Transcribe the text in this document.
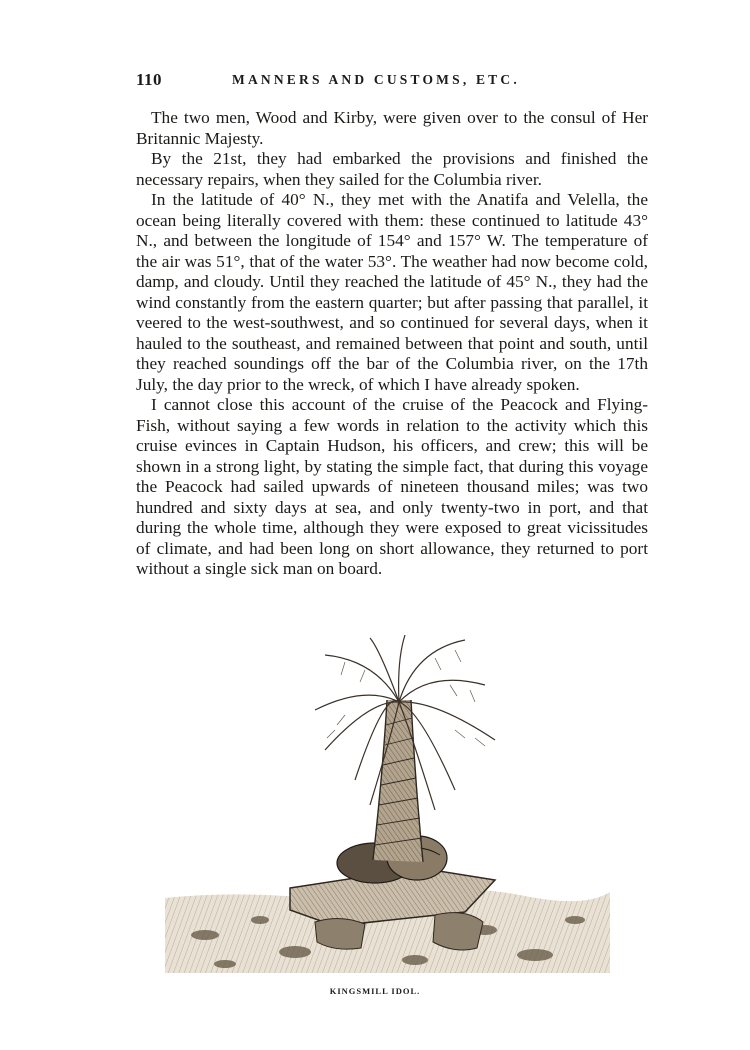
110	MANNERS AND CUSTOMS, ETC.

The two men, Wood and Kirby, were given over to the consul of Her Britannic Majesty.

By the 21st, they had embarked the provisions and finished the necessary repairs, when they sailed for the Columbia river.

In the latitude of 40° N., they met with the Anatifa and Velella, the ocean being literally covered with them: these continued to latitude 43° N., and between the longitude of 154° and 157° W. The temperature of the air was 51°, that of the water 53°. The weather had now become cold, damp, and cloudy. Until they reached the latitude of 45° N., they had the wind constantly from the eastern quarter; but after passing that parallel, it veered to the west-southwest, and so continued for several days, when it hauled to the southeast, and remained between that point and south, until they reached soundings off the bar of the Columbia river, on the 17th July, the day prior to the wreck, of which I have already spoken.

I cannot close this account of the cruise of the Peacock and Flying-Fish, without saying a few words in relation to the activity which this cruise evinces in Captain Hudson, his officers, and crew; this will be shown in a strong light, by stating the simple fact, that during this voyage the Peacock had sailed upwards of nineteen thousand miles; was two hundred and sixty days at sea, and only twenty-two in port, and that during the whole time, although they were exposed to great vicissitudes of climate, and had been long on short allowance, they returned to port without a single sick man on board.

KINGSMILL IDOL.
